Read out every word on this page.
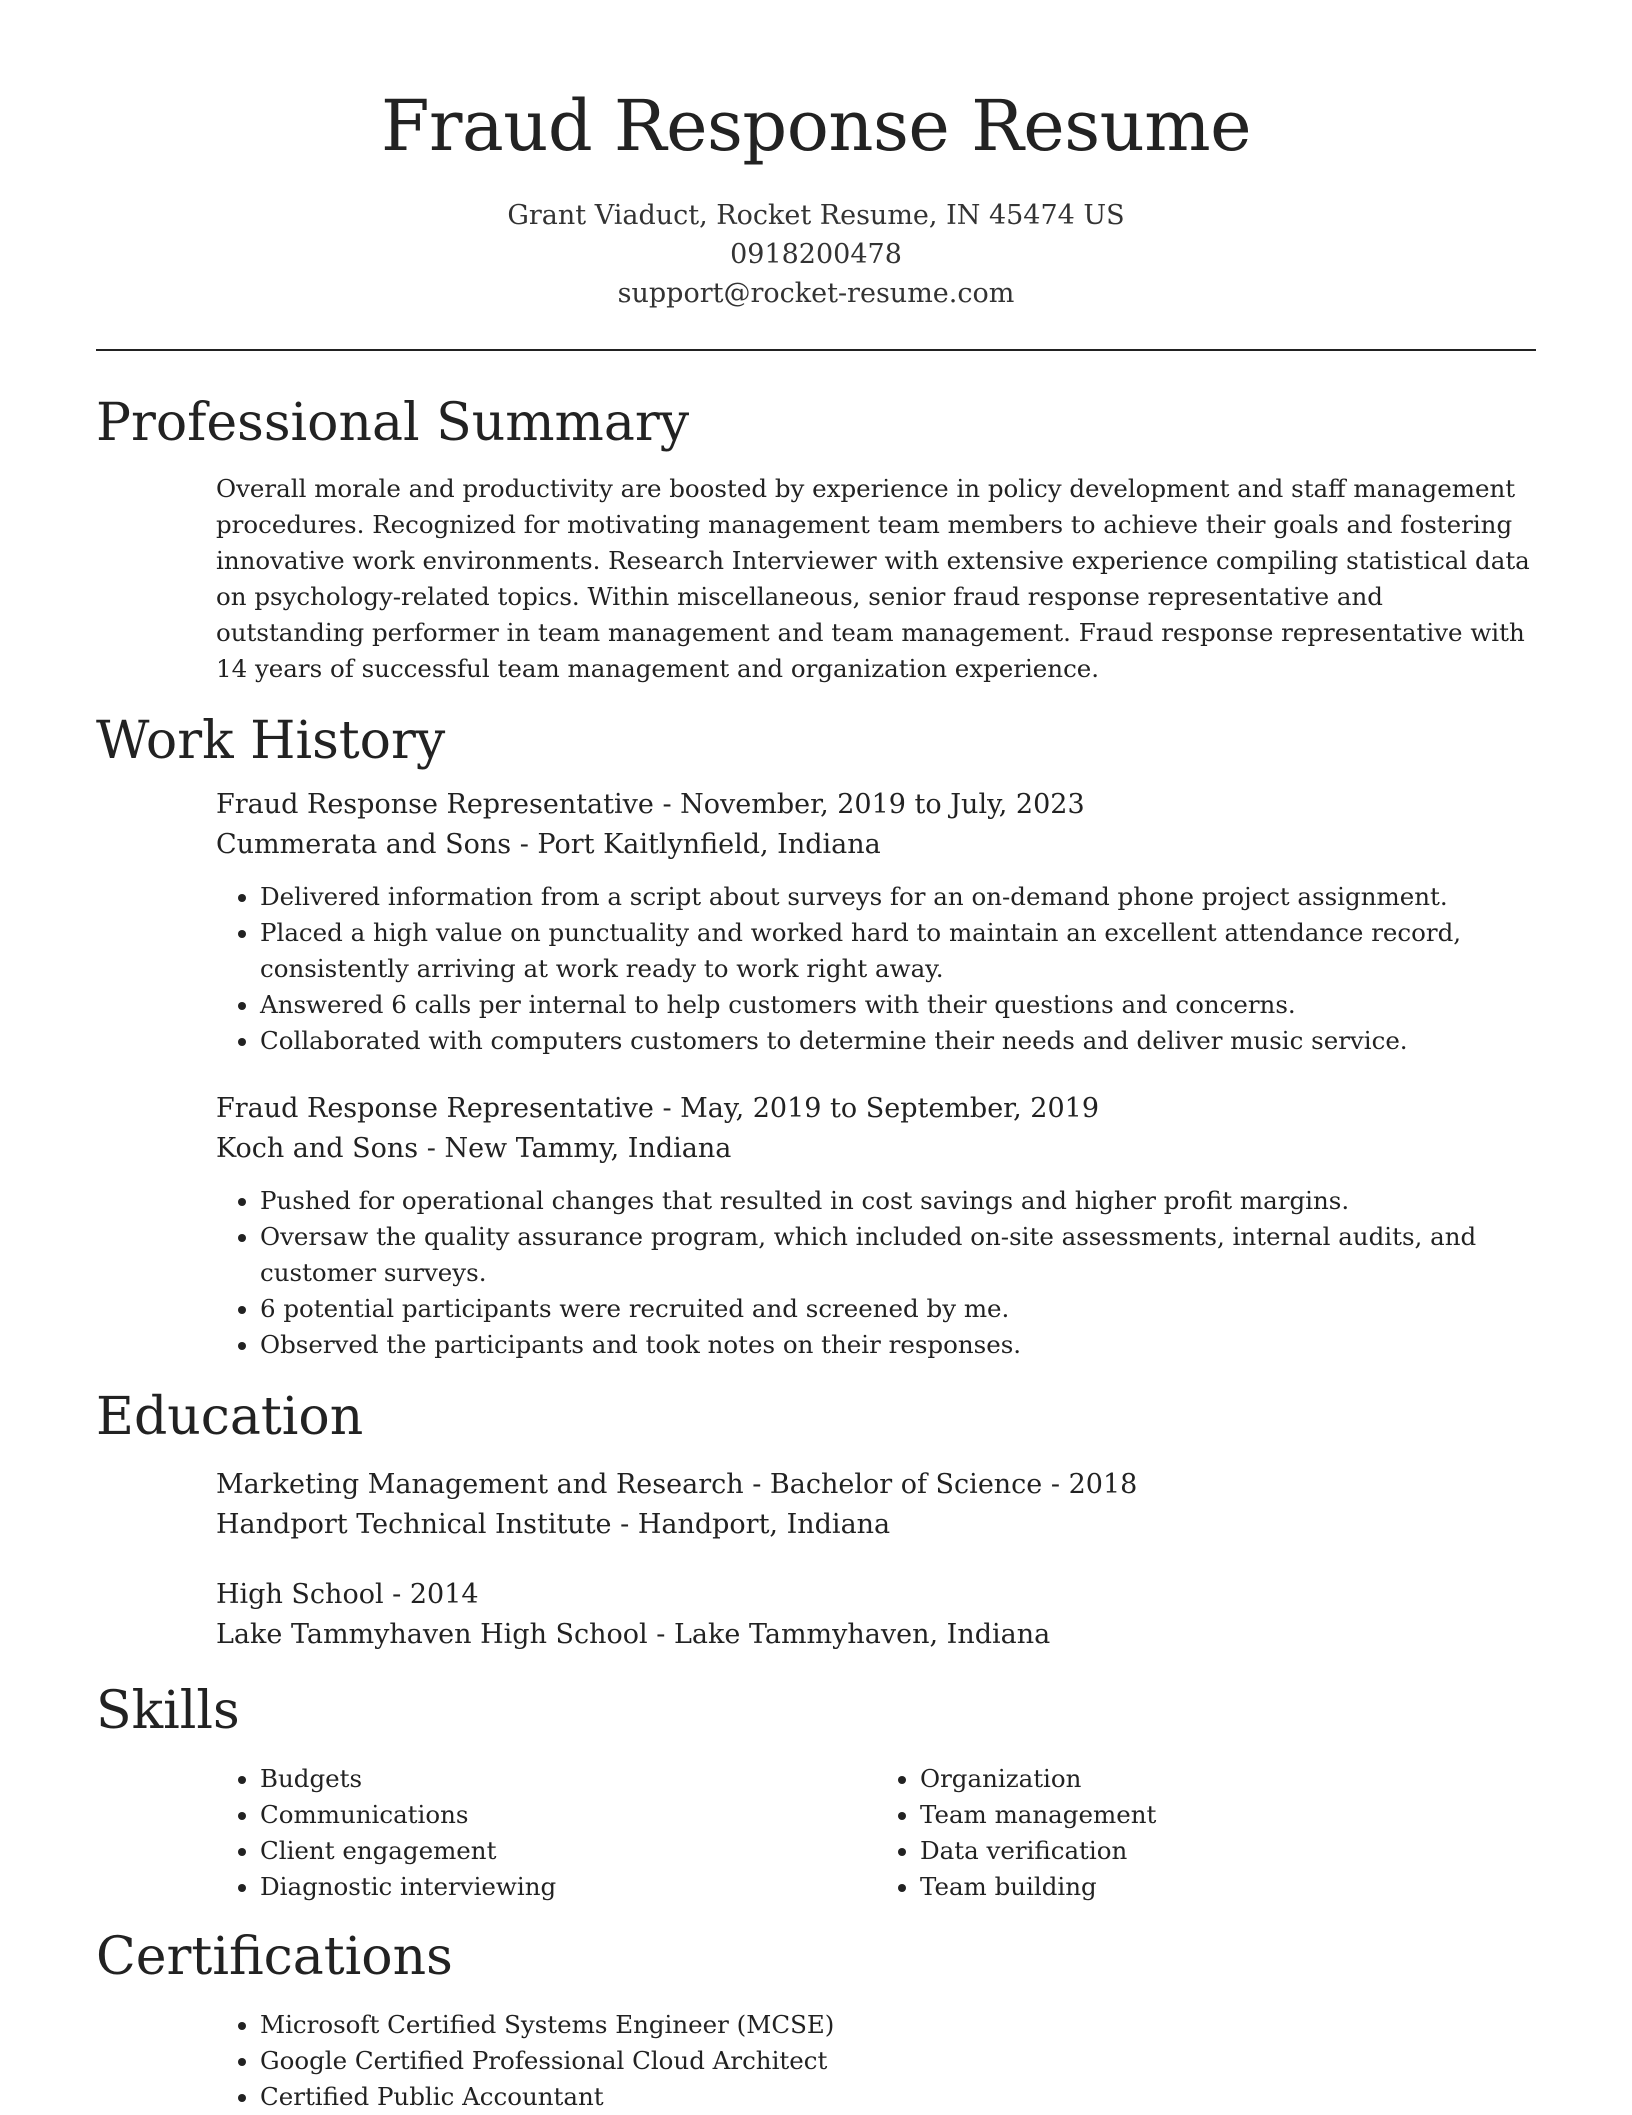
Fraud Response Resume
Grant Viaduct, Rocket Resume, IN 45474 US
0918200478
support@rocket-resume.com
Professional Summary

Overall morale and productivity are boosted by experience in policy development and staff management procedures. Recognized for motivating management team members to achieve their goals and fostering innovative work environments. Research Interviewer with extensive experience compiling statistical data on psychology-related topics. Within miscellaneous, senior fraud response representative and outstanding performer in team management and team management. Fraud response representative with 14 years of successful team management and organization experience.

Work History
Fraud Response Representative - November, 2019 to July, 2023
Cummerata and Sons - Port Kaitlynfield, Indiana
• Delivered information from a script about surveys for an on-demand phone project assignment.
• Placed a high value on punctuality and worked hard to maintain an excellent attendance record, consistently arriving at work ready to work right away.
• Answered 6 calls per internal to help customers with their questions and concerns.
• Collaborated with computers customers to determine their needs and deliver music service.
Fraud Response Representative - May, 2019 to September, 2019
Koch and Sons - New Tammy, Indiana
• Pushed for operational changes that resulted in cost savings and higher profit margins.
• Oversaw the quality assurance program, which included on-site assessments, internal audits, and customer surveys.
• 6 potential participants were recruited and screened by me.
• Observed the participants and took notes on their responses.
Education
Marketing Management and Research - Bachelor of Science - 2018
Handport Technical Institute - Handport, Indiana
High School - 2014
Lake Tammyhaven High School - Lake Tammyhaven, Indiana
Skills
• Budgets
• Communications
• Client engagement
• Diagnostic interviewing
• Organization
• Team management
• Data verification
• Team building
Certifications
• Microsoft Certified Systems Engineer (MCSE)
• Google Certified Professional Cloud Architect
• Certified Public Accountant
